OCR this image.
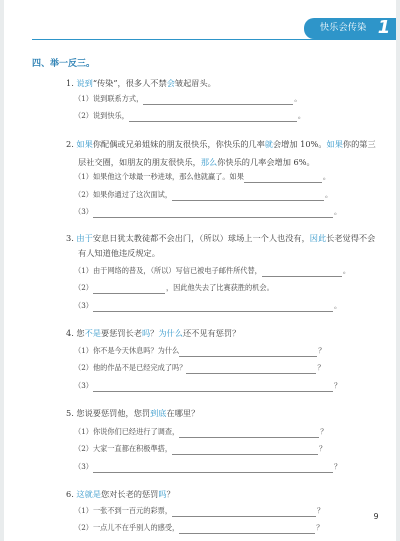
快乐会传染 1
四、举一反三。
1. 说到“传染”，很多人不禁会皱起眉头。
（1）说到联系方式，	。
（2）说到快乐，	。
2. 如果你配偶或兄弟姐妹的朋友很快乐，你快乐的几率就会增加 10%。如果你的第三
层社交圈，如朋友的朋友很快乐，那么你快乐的几率会增加 6%。
（1）如果他这个球最一秒进球，那么他就赢了。如果	。
（2）如果你通过了这次面试，	。
（3）	。
3. 由于安息日犹太教徒都不会出门，（所以）球场上一个人也没有，因此长老觉得不会
有人知道他违反规定。
（1）由于网络的普及，（所以）写信已被电子邮件所代替，	。
（2）	，因此他失去了比赛获胜的机会。
（3）	。
4. 您不是要惩罚长老吗？为什么还不见有惩罚？
（1）你不是今天休息吗？为什么	？
（2）他的作品不是已经完成了吗？	？
（3）	？
5. 您说要惩罚他，您罚到底在哪里？
（1）你说你们已经进行了调查，	？
（2）大家一直都在积极準搭，	？
（3）	？
6. 这就是您对长老的惩罚吗？
（1）一张不到一百元的彩票，	？
（2）一点儿不在乎别人的感受，	？
9
